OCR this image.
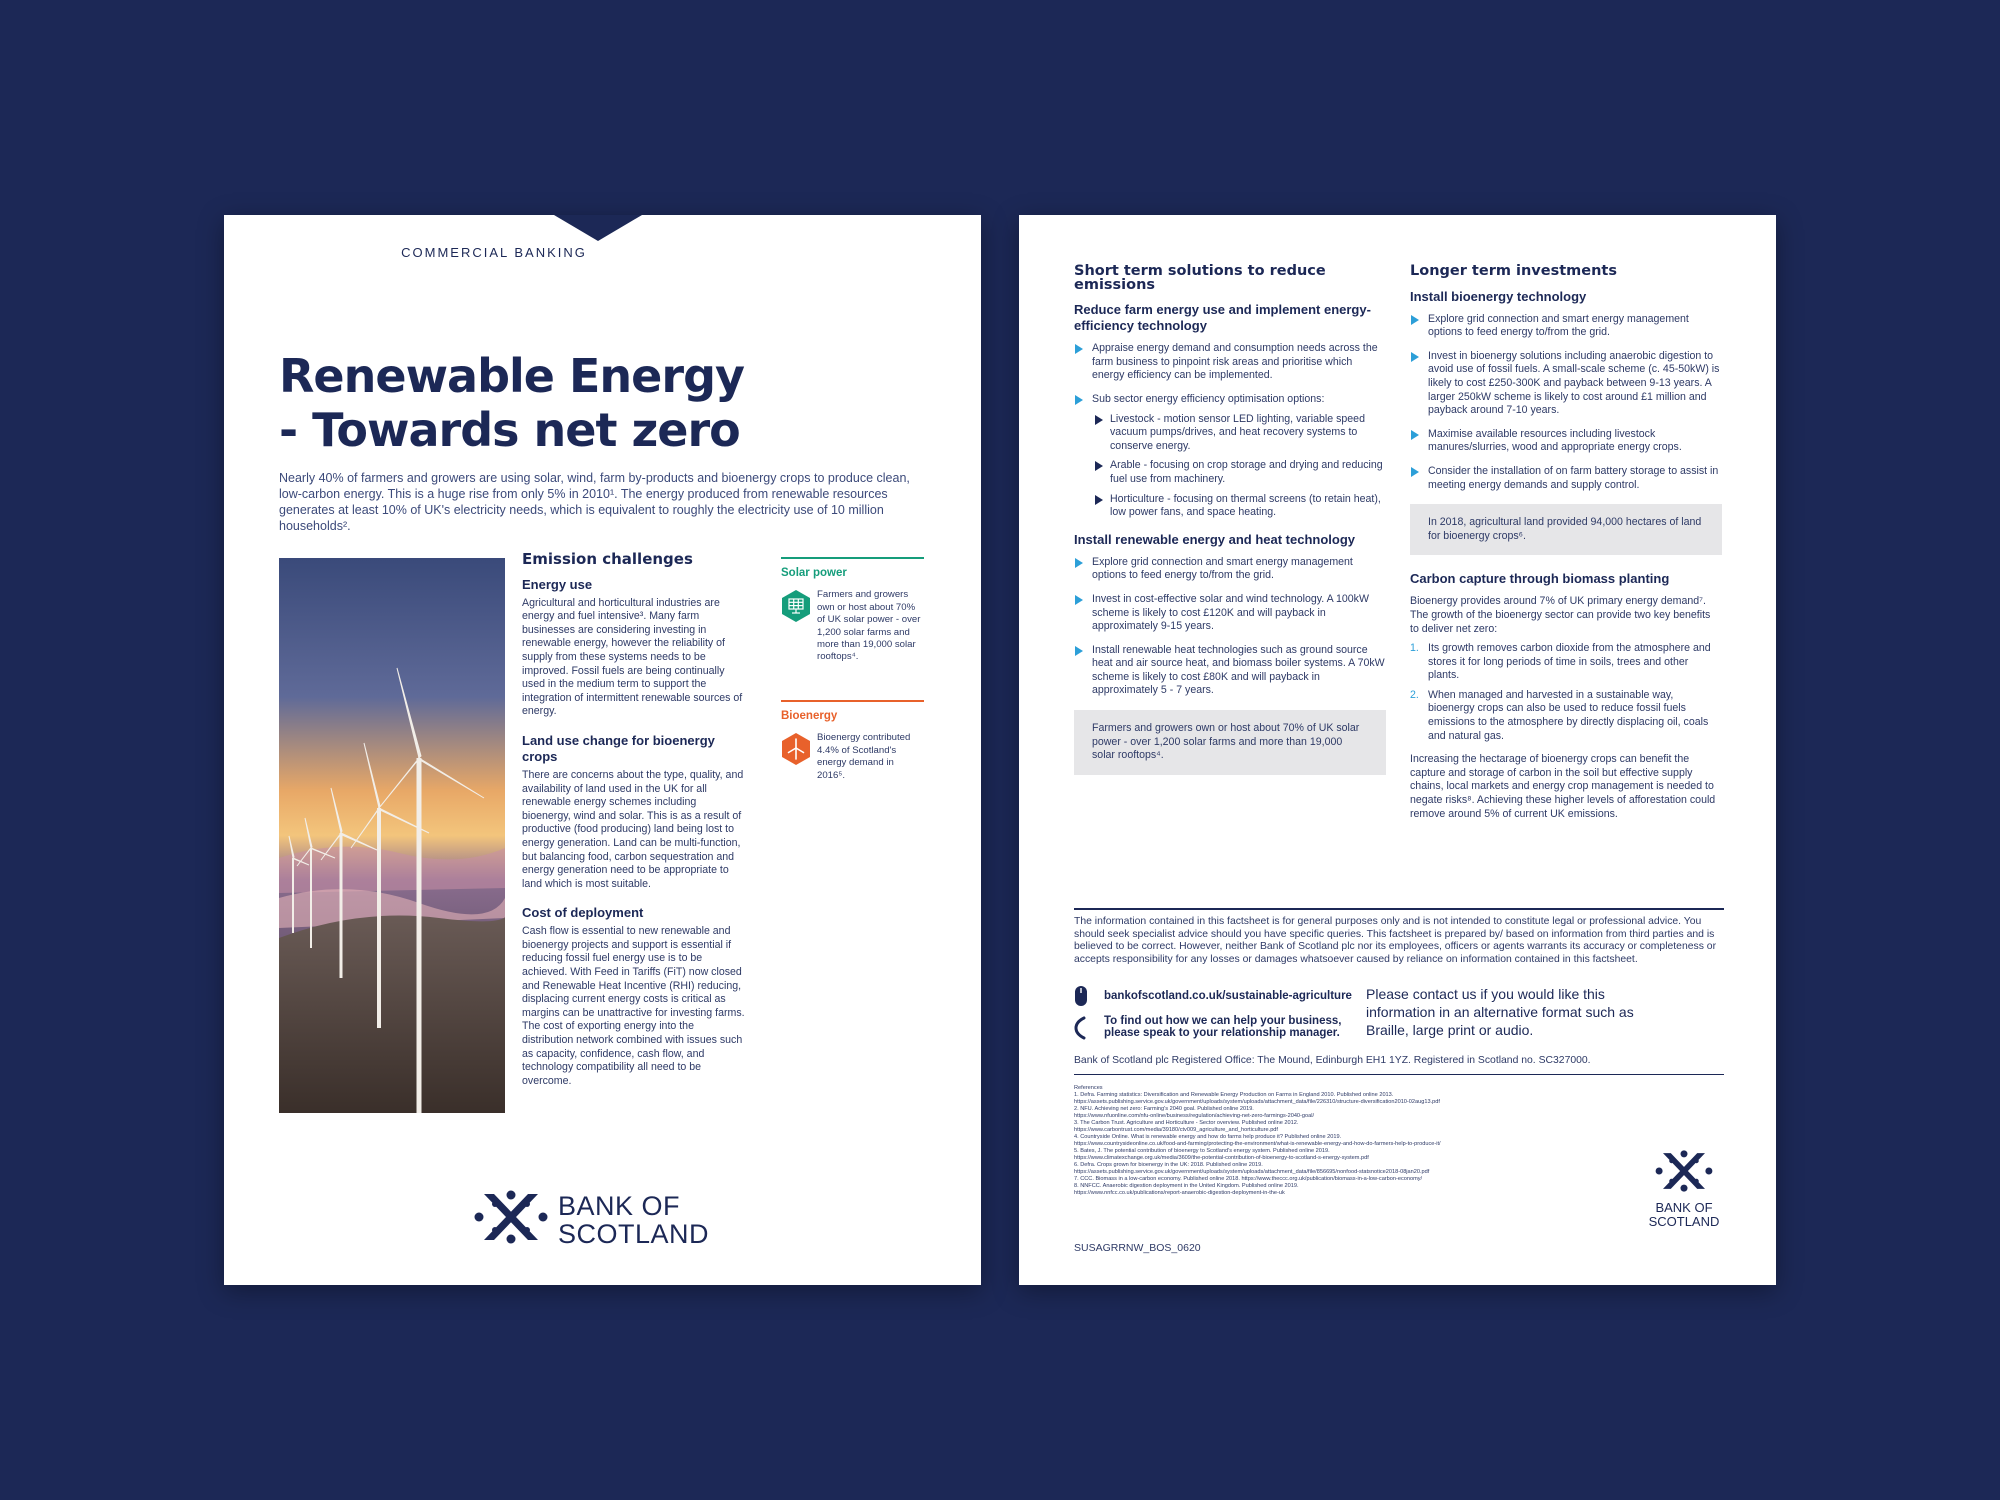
COMMERCIAL BANKING
Renewable Energy
- Towards net zero
Nearly 40% of farmers and growers are using solar, wind, farm by-products and bioenergy crops to produce clean, low-carbon energy. This is a huge rise from only 5% in 2010¹. The energy produced from renewable resources generates at least 10% of UK's electricity needs, which is equivalent to roughly the electricity use of 10 million households².
Emission challenges
Energy use
Agricultural and horticultural industries are energy and fuel intensive³. Many farm businesses are considering investing in renewable energy, however the reliability of supply from these systems needs to be improved. Fossil fuels are being continually used in the medium term to support the integration of intermittent renewable sources of energy.
Land use change for bioenergy crops
There are concerns about the type, quality, and availability of land used in the UK for all renewable energy schemes including bioenergy, wind and solar. This is as a result of productive (food producing) land being lost to energy generation. Land can be multi-function, but balancing food, carbon sequestration and energy generation need to be appropriate to land which is most suitable.
Cost of deployment
Cash flow is essential to new renewable and bioenergy projects and support is essential if reducing fossil fuel energy use is to be achieved. With Feed in Tariffs (FiT) now closed and Renewable Heat Incentive (RHI) reducing, displacing current energy costs is critical as margins can be unattractive for investing farms. The cost of exporting energy into the distribution network combined with issues such as capacity, confidence, cash flow, and technology compatibility all need to be overcome.
Solar power
Farmers and growers own or host about 70% of UK solar power - over 1,200 solar farms and more than 19,000 solar rooftops⁴.
Bioenergy
Bioenergy contributed 4.4% of Scotland's energy demand in 2016⁵.
BANK OF
SCOTLAND
Short term solutions to reduce emissions
Reduce farm energy use and implement energy-efficiency technology
Appraise energy demand and consumption needs across the farm business to pinpoint risk areas and prioritise which energy efficiency can be implemented.
Sub sector energy efficiency optimisation options:
Livestock - motion sensor LED lighting, variable speed vacuum pumps/drives, and heat recovery systems to conserve energy.
Arable - focusing on crop storage and drying and reducing fuel use from machinery.
Horticulture - focusing on thermal screens (to retain heat), low power fans, and space heating.
Install renewable energy and heat technology
Explore grid connection and smart energy management options to feed energy to/from the grid.
Invest in cost-effective solar and wind technology. A 100kW scheme is likely to cost £120K and will payback in approximately 9-15 years.
Install renewable heat technologies such as ground source heat and air source heat, and biomass boiler systems. A 70kW scheme is likely to cost £80K and will payback in approximately 5 - 7 years.
Farmers and growers own or host about 70% of UK solar power - over 1,200 solar farms and more than 19,000 solar rooftops⁴.
Longer term investments
Install bioenergy technology
Explore grid connection and smart energy management options to feed energy to/from the grid.
Invest in bioenergy solutions including anaerobic digestion to avoid use of fossil fuels. A small-scale scheme (c. 45-50kW) is likely to cost £250-300K and payback between 9-13 years. A larger 250kW scheme is likely to cost around £1 million and payback around 7-10 years.
Maximise available resources including livestock manures/slurries, wood and appropriate energy crops.
Consider the installation of on farm battery storage to assist in meeting energy demands and supply control.
In 2018, agricultural land provided 94,000 hectares of land for bioenergy crops⁶.
Carbon capture through biomass planting
Bioenergy provides around 7% of UK primary energy demand⁷. The growth of the bioenergy sector can provide two key benefits to deliver net zero:
1. Its growth removes carbon dioxide from the atmosphere and stores it for long periods of time in soils, trees and other plants.
2. When managed and harvested in a sustainable way, bioenergy crops can also be used to reduce fossil fuels emissions to the atmosphere by directly displacing oil, coals and natural gas.
Increasing the hectarage of bioenergy crops can benefit the capture and storage of carbon in the soil but effective supply chains, local markets and energy crop management is needed to negate risks⁸. Achieving these higher levels of afforestation could remove around 5% of current UK emissions.
The information contained in this factsheet is for general purposes only and is not intended to constitute legal or professional advice. You should seek specialist advice should you have specific queries. This factsheet is prepared by/ based on information from third parties and is believed to be correct. However, neither Bank of Scotland plc nor its employees, officers or agents warrants its accuracy or completeness or accepts responsibility for any losses or damages whatsoever caused by reliance on information contained in this factsheet.
bankofscotland.co.uk/sustainable-agriculture
To find out how we can help your business,
please speak to your relationship manager.
Please contact us if you would like this information in an alternative format such as Braille, large print or audio.
Bank of Scotland plc Registered Office: The Mound, Edinburgh EH1 1YZ. Registered in Scotland no. SC327000.
References
1. Defra. Farming statistics: Diversification and Renewable Energy Production on Farms in England 2010. Published online 2013.
https://assets.publishing.service.gov.uk/government/uploads/system/uploads/attachment_data/file/226310/structure-diversification2010-02aug13.pdf
2. NFU. Achieving net zero: Farming's 2040 goal. Published online 2019.
https://www.nfuonline.com/nfu-online/business/regulation/achieving-net-zero-farmings-2040-goal/
3. The Carbon Trust. Agriculture and Horticulture - Sector overview. Published online 2012.
https://www.carbontrust.com/media/39180/ctv009_agriculture_and_horticulture.pdf
4. Countryside Online. What is renewable energy and how do farms help produce it? Published online 2019.
https://www.countrysideonline.co.uk/food-and-farming/protecting-the-environment/what-is-renewable-energy-and-how-do-farmers-help-to-produce-it/
5. Bates, J. The potential contribution of bioenergy to Scotland's energy system. Published online 2019.
https://www.climatexchange.org.uk/media/3609/the-potential-contribution-of-bioenergy-to-scotland-s-energy-system.pdf
6. Defra. Crops grown for bioenergy in the UK: 2018. Published online 2019.
https://assets.publishing.service.gov.uk/government/uploads/system/uploads/attachment_data/file/856695/nonfood-statsnotice2018-08jan20.pdf
7. CCC. Biomass in a low-carbon economy. Published online 2018. https://www.theccc.org.uk/publication/biomass-in-a-low-carbon-economy/
8. NNFCC. Anaerobic digestion deployment in the United Kingdom. Published online 2019.
https://www.nnfcc.co.uk/publications/report-anaerobic-digestion-deployment-in-the-uk
SUSAGRRNW_BOS_0620
BANK OF
SCOTLAND
